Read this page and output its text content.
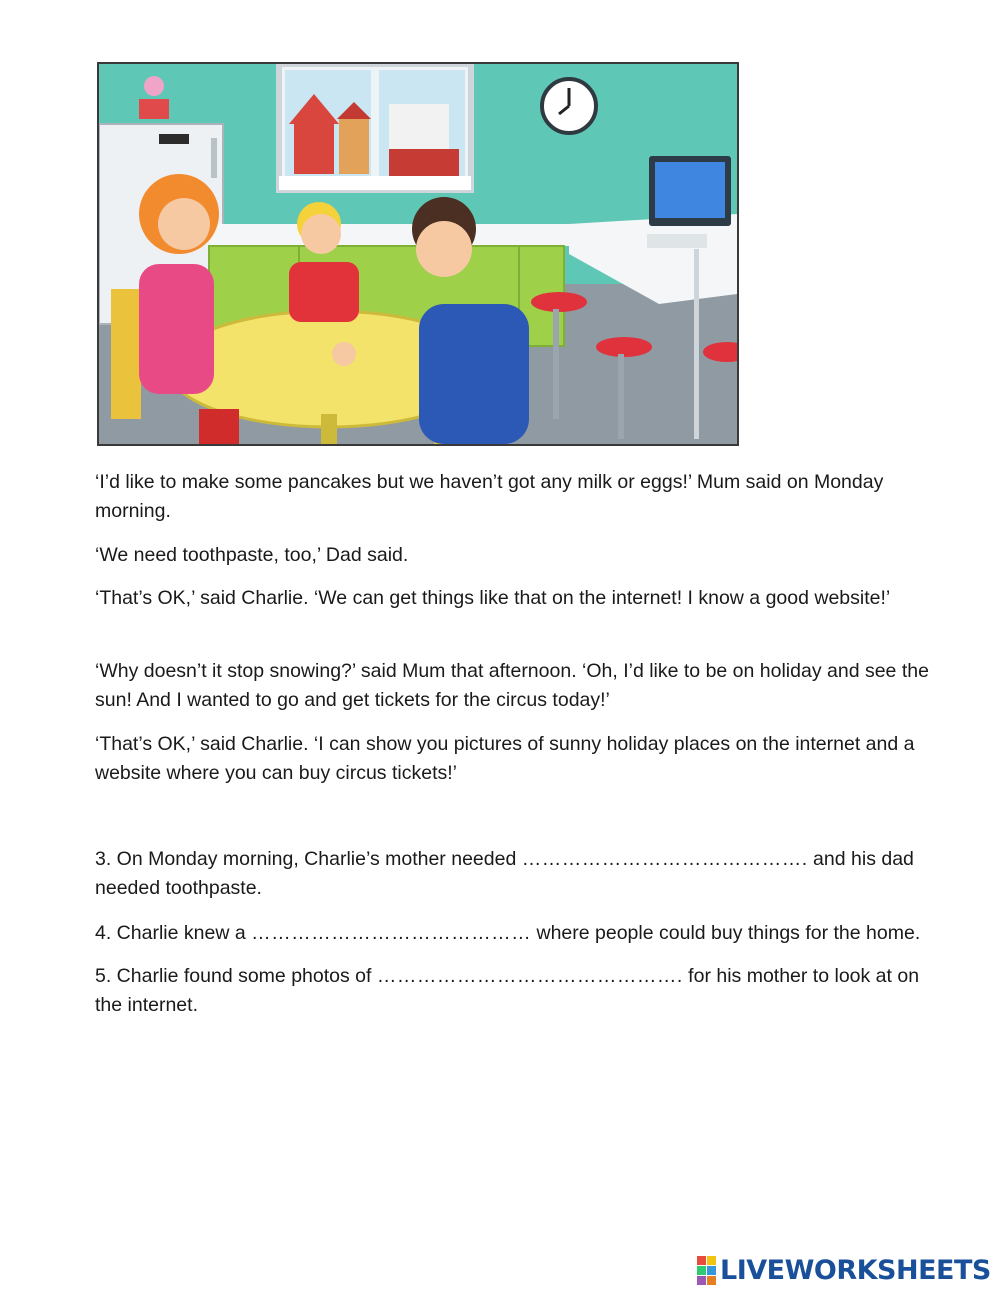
‘I’d like to make some pancakes but we haven’t got any milk or eggs!’ Mum said on Monday morning.

‘We need toothpaste, too,’ Dad said.

‘That’s OK,’ said Charlie. ‘We can get things like that on the internet! I know a good website!’

‘Why doesn’t it stop snowing?’ said Mum that afternoon. ‘Oh, I’d like to be on holiday and see the sun! And I wanted to go and get tickets for the circus today!’

‘That’s OK,’ said Charlie. ‘I can show you pictures of sunny holiday places on the internet and a website where you can buy circus tickets!’

3. On Monday morning, Charlie’s mother needed ……………………………………. and his dad needed toothpaste.

4. Charlie knew a …………………………………… where people could buy things for the home.

5. Charlie found some photos of ………………………………………. for his mother to look at on the internet.

LIVEWORKSHEETS
